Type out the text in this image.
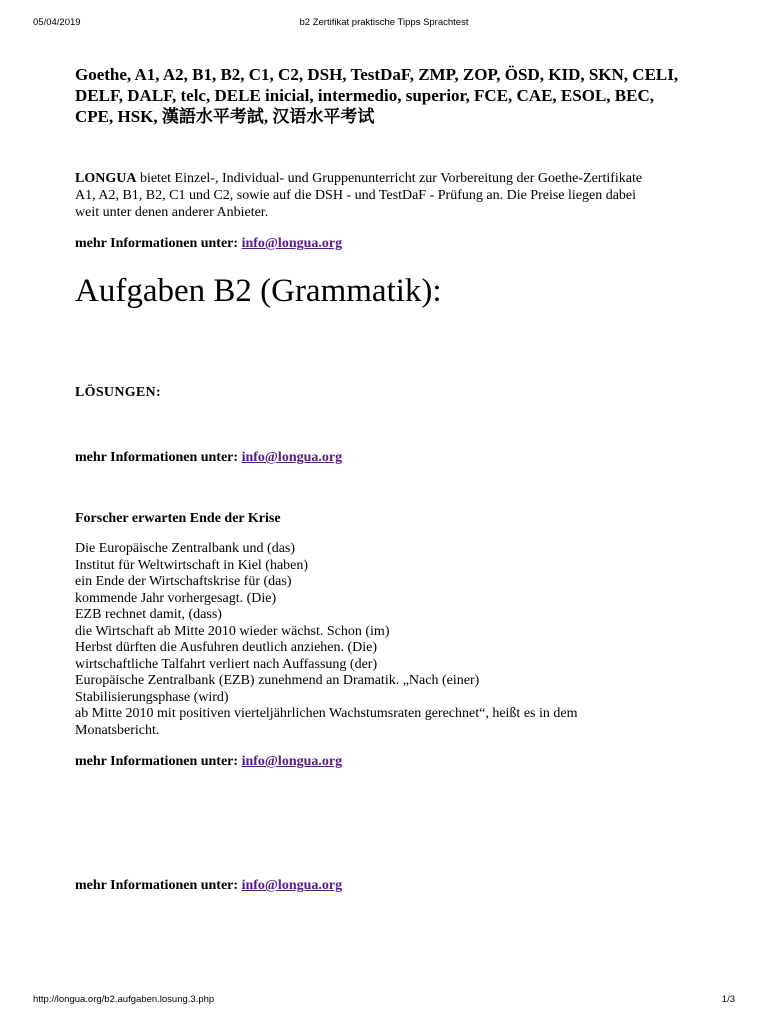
05/04/2019	b2 Zertifikat praktische Tipps Sprachtest
Goethe, A1, A2, B1, B2, C1, C2, DSH, TestDaF, ZMP, ZOP, ÖSD, KID, SKN, CELI,
DELF, DALF, telc, DELE inicial, intermedio, superior, FCE, CAE, ESOL, BEC,
CPE, HSK, 漢語水平考試, 汉语水平考试

LONGUA bietet Einzel-, Individual- und Gruppenunterricht zur Vorbereitung der Goethe-Zertifikate

A1, A2, B1, B2, C1 und C2, sowie auf die DSH - und TestDaF - Prüfung an. Die Preise liegen dabei

weit unter denen anderer Anbieter.

mehr Informationen unter: info@longua.org
Aufgaben B2 (Grammatik):
LÖSUNGEN:
mehr Informationen unter: info@longua.org
Forscher erwarten Ende der Krise
Die Europäische Zentralbank und (das)
Institut für Weltwirtschaft in Kiel (haben)
ein Ende der Wirtschaftskrise für (das)
kommende Jahr vorhergesagt. (Die)
EZB rechnet damit, (dass)
die Wirtschaft ab Mitte 2010 wieder wächst. Schon (im)
Herbst dürften die Ausfuhren deutlich anziehen. (Die)
wirtschaftliche Talfahrt verliert nach Auffassung (der)
Europäische Zentralbank (EZB) zunehmend an Dramatik. „Nach (einer)
Stabilisierungsphase (wird)
ab Mitte 2010 mit positiven vierteljährlichen Wachstumsraten gerechnet“, heißt es in dem
Monatsbericht.
mehr Informationen unter: info@longua.org
mehr Informationen unter: info@longua.org
http://longua.org/b2.aufgaben.losung.3.php	1/3
